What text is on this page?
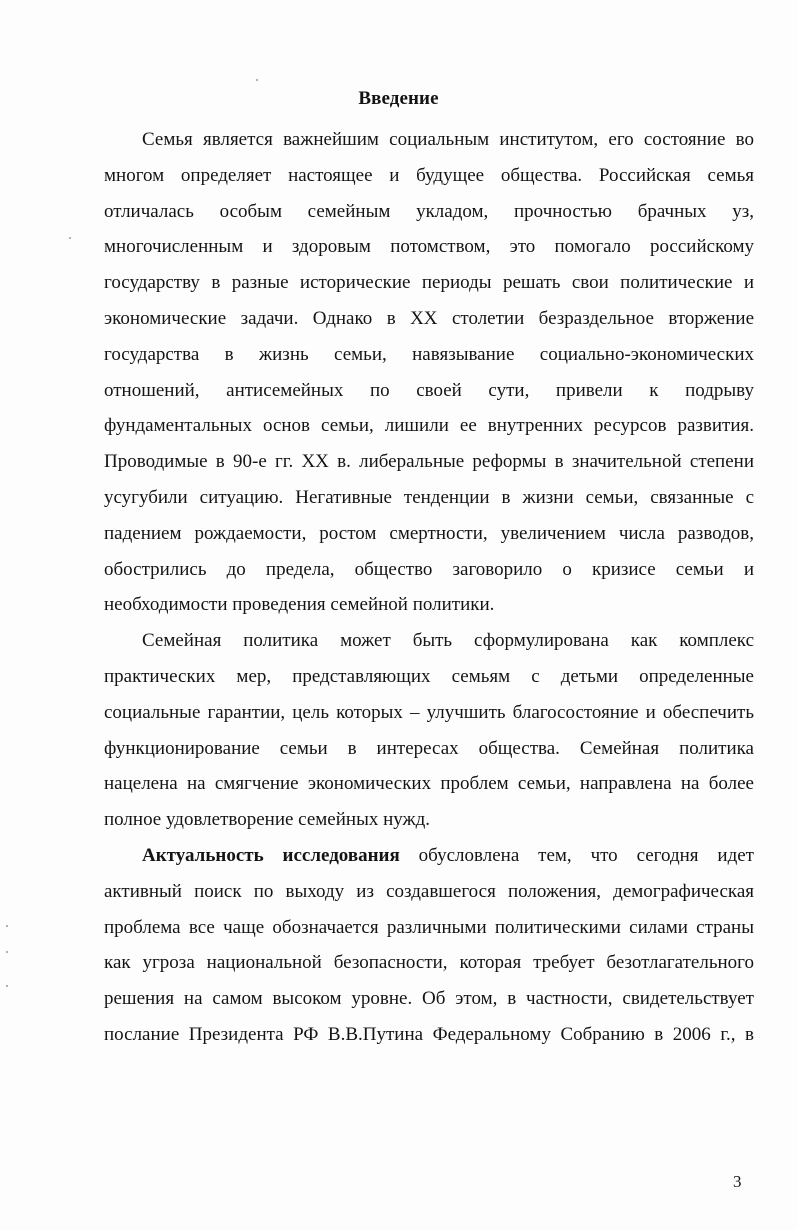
Введение
Семья является важнейшим социальным институтом, его состояние во
многом определяет настоящее и будущее общества. Российская семья
отличалась особым семейным укладом, прочностью брачных уз,
многочисленным и здоровым потомством, это помогало российскому
государству в разные исторические периоды решать свои политические и
экономические задачи. Однако в XX столетии безраздельное вторжение
государства в жизнь семьи, навязывание социально-экономических
отношений, антисемейных по своей сути, привели к подрыву
фундаментальных основ семьи, лишили ее внутренних ресурсов развития.
Проводимые в 90-е гг. XX в. либеральные реформы в значительной степени
усугубили ситуацию. Негативные тенденции в жизни семьи, связанные с
падением рождаемости, ростом смертности, увеличением числа разводов,
обострились до предела, общество заговорило о кризисе семьи и
необходимости проведения семейной политики.
Семейная политика может быть сформулирована как комплекс
практических мер, представляющих семьям с детьми определенные
социальные гарантии, цель которых – улучшить благосостояние и обеспечить
функционирование семьи в интересах общества. Семейная политика
нацелена на смягчение экономических проблем семьи, направлена на более
полное удовлетворение семейных нужд.
Актуальность исследования обусловлена тем, что сегодня идет
активный поиск по выходу из создавшегося положения, демографическая
проблема все чаще обозначается различными политическими силами страны
как угроза национальной безопасности, которая требует безотлагательного
решения на самом высоком уровне. Об этом, в частности, свидетельствует
послание Президента РФ В.В.Путина Федеральному Собранию в 2006 г., в
3
